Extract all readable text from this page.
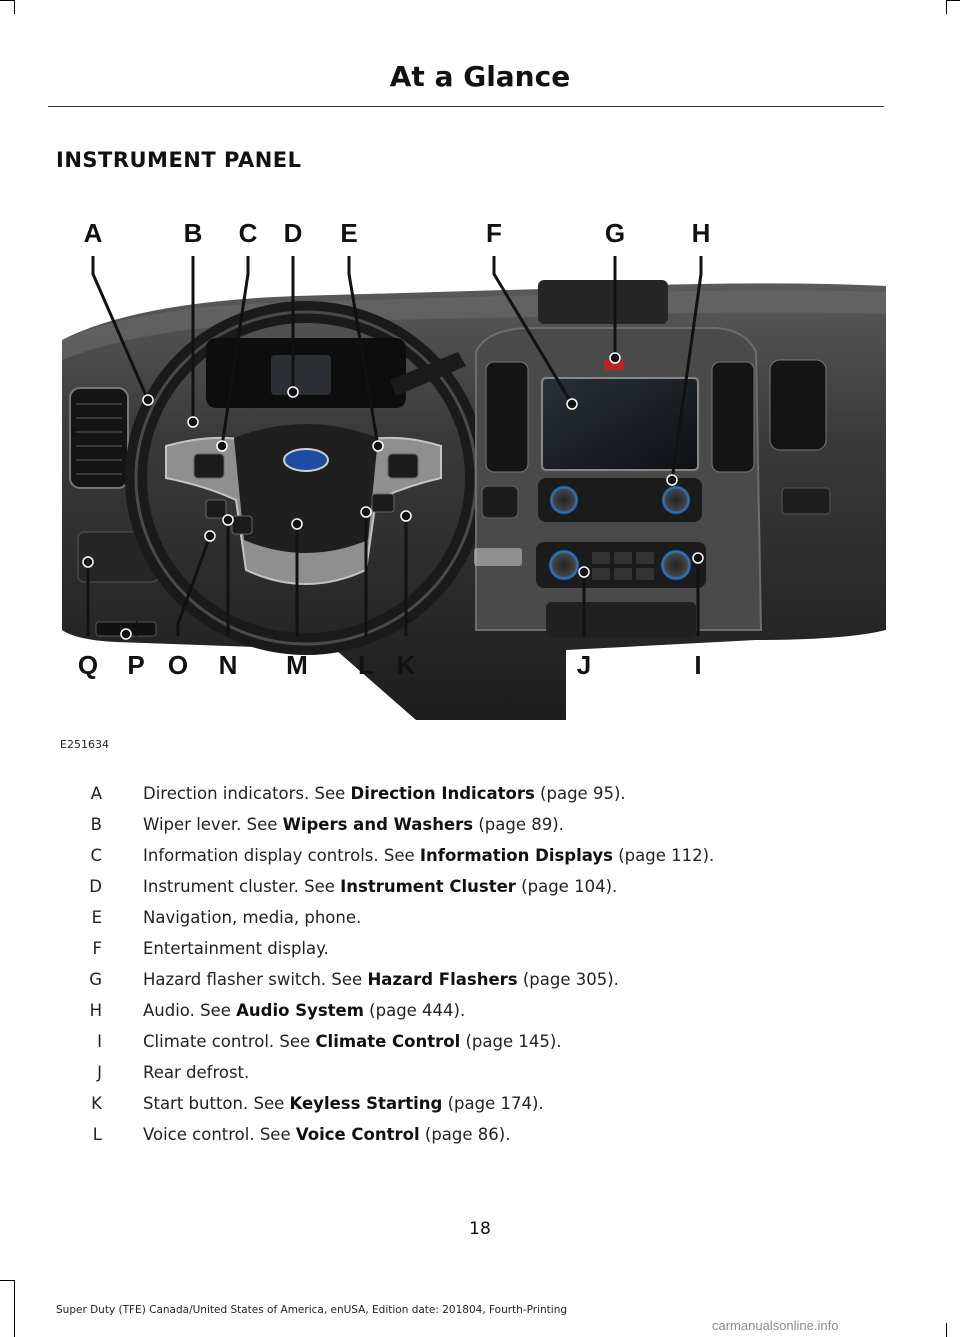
At a Glance
INSTRUMENT PANEL
A	B C D E	F	G	H
Q P O N M L K	J	I
E251634
A Direction indicators. See Direction Indicators (page 95).
B Wiper lever. See Wipers and Washers (page 89).
C Information display controls. See Information Displays (page 112).
D Instrument cluster. See Instrument Cluster (page 104).
E Navigation, media, phone.
F Entertainment display.
G Hazard flasher switch. See Hazard Flashers (page 305).
H Audio. See Audio System (page 444).
I Climate control. See Climate Control (page 145).
J Rear defrost.
K Start button. See Keyless Starting (page 174).
L Voice control. See Voice Control (page 86).
18
Super Duty (TFE) Canada/United States of America, enUSA, Edition date: 201804, Fourth-Printing
carmanualsonline.info
